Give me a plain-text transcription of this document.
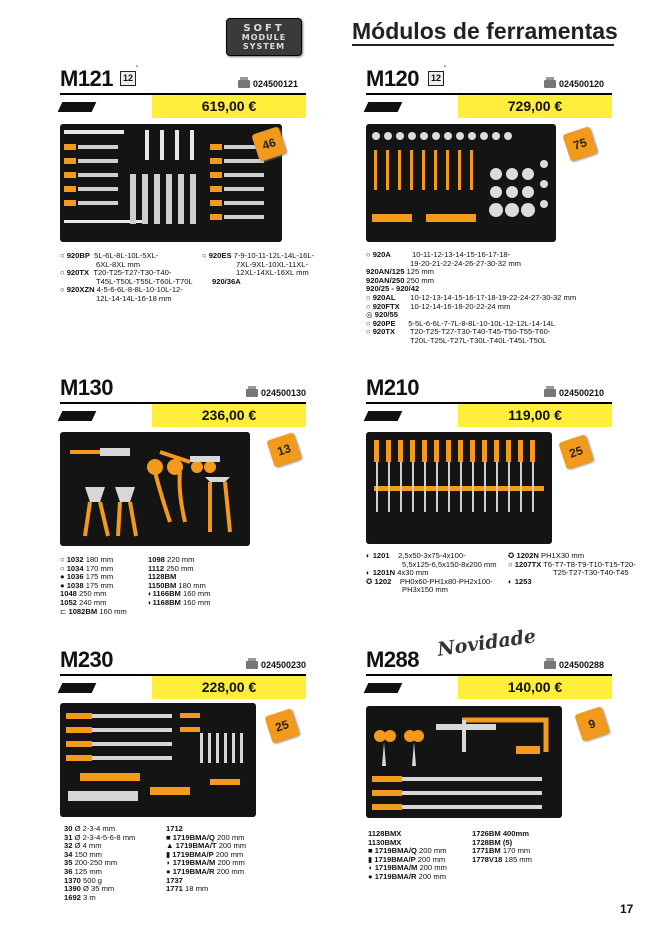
SOFT
MODULE
SYSTEM
Módulos de ferramentas
M121	12
"
024500121
619,00 €
46
○ 920BP 5L-6L-8L-10L-5XL-
6XL-8XL mm
○ 920TX T20-T25-T27-T30-T40-
T45L-T50L-T55L-T60L-T70L
○ 920XZN 4-5-6-6L-8-8L-10-10L-12-
12L-14-14L-16-18 mm
○ 920ES 7-9-10-11-12L-14L-16L-
7XL-9XL-10XL-11XL-
12XL-14XL-16XL mm
920/36A
M120	12
"
024500120
729,00 €
75
○ 920A	10-11-12-13-14-15-16-17-18-
19-20-21-22-24-26-27-30-32 mm
920AN/125 125 mm
920AN/250 250 mm
920/25 - 920/42
○ 920AL 10-12-13-14-15-16-17-18-19-22-24-27-30-32 mm
○ 920FTX 10-12-14-16-18-20-22-24 mm
◎ 920/55
○ 920PE 5-5L-6-6L-7-7L-8-8L-10-10L-12-12L-14-14L
○ 920TX T20-T25-T27-T30-T40-T45-T50-T55-T60-
T20L-T25L-T27L-T30L-T40L-T45L-T50L
M130	024500130
236,00 €
13
○ 1032 180 mm
○ 1034 170 mm
● 1036 175 mm
● 1038 175 mm
1048 250 mm
1052 240 mm
⊏ 1082BM 160 mm
1098 220 mm
1112 250 mm
1128BM
1150BM 180 mm
◐1166BM 160 mm
◐1168BM 160 mm
M210	024500210
119,00 €
25
◐ 1201 2,5x50-3x75-4x100-
5,5x125-6,5x150-8x200 mm
◐ 1201N 4x30 mm
✪ 1202 PH0x60-PH1x80-PH2x100-
PH3x150 mm
✪ 1202N PH1X30 mm
○ 1207TX T6-T7-T8-T9-T10-T15-T20-
T25-T27-T30-T40-T45
◐ 1253
M230	024500230
228,00 €
25
30 Ø 2-3-4 mm
31 Ø 2-3-4-5-6-8 mm
32 Ø 4 mm
34 150 mm
35 200-250 mm
36 125 mm
1370 500 g
1390 Ø 35 mm
1692 3 m
1712
■ 1719BMA/Q 200 mm
▲ 1719BMA/T 200 mm
▮ 1719BMA/P 200 mm
◗ 1719BMA/M 200 mm
● 1719BMA/R 200 mm
1737
1771 18 mm
Novidade
M288	024500288
140,00 €
9
1128BMX
1130BMX
■ 1719BMA/Q 200 mm
▮ 1719BMA/P 200 mm
◗ 1719BMA/M 200 mm
● 1719BMA/R 200 mm
1726BM 400mm
1728BM (5)
1771BM 170 mm
1778V18 185 mm
17
